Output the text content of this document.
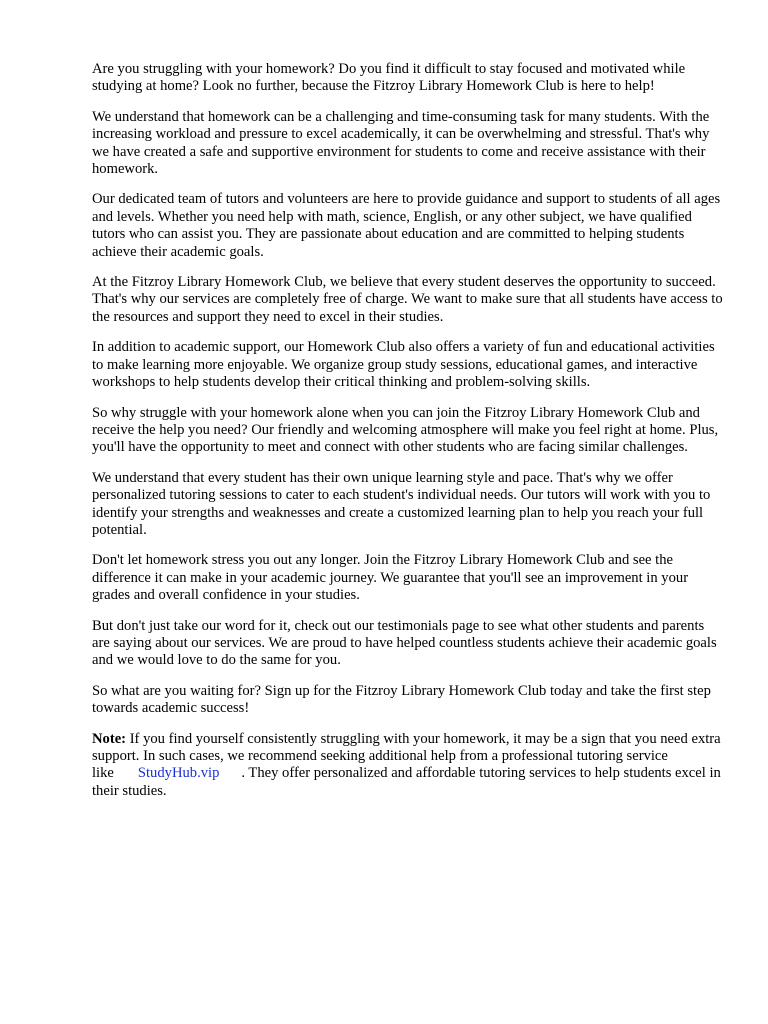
Are you struggling with your homework? Do you find it difficult to stay focused and motivated while studying at home? Look no further, because the Fitzroy Library Homework Club is here to help!

We understand that homework can be a challenging and time-consuming task for many students. With the increasing workload and pressure to excel academically, it can be overwhelming and stressful. That's why we have created a safe and supportive environment for students to come and receive assistance with their homework.

Our dedicated team of tutors and volunteers are here to provide guidance and support to students of all ages and levels. Whether you need help with math, science, English, or any other subject, we have qualified tutors who can assist you. They are passionate about education and are committed to helping students achieve their academic goals.

At the Fitzroy Library Homework Club, we believe that every student deserves the opportunity to succeed. That's why our services are completely free of charge. We want to make sure that all students have access to the resources and support they need to excel in their studies.

In addition to academic support, our Homework Club also offers a variety of fun and educational activities to make learning more enjoyable. We organize group study sessions, educational games, and interactive workshops to help students develop their critical thinking and problem-solving skills.

So why struggle with your homework alone when you can join the Fitzroy Library Homework Club and receive the help you need? Our friendly and welcoming atmosphere will make you feel right at home. Plus, you'll have the opportunity to meet and connect with other students who are facing similar challenges.

We understand that every student has their own unique learning style and pace. That's why we offer personalized tutoring sessions to cater to each student's individual needs. Our tutors will work with you to identify your strengths and weaknesses and create a customized learning plan to help you reach your full potential.

Don't let homework stress you out any longer. Join the Fitzroy Library Homework Club and see the difference it can make in your academic journey. We guarantee that you'll see an improvement in your grades and overall confidence in your studies.

But don't just take our word for it, check out our testimonials page to see what other students and parents are saying about our services. We are proud to have helped countless students achieve their academic goals and we would love to do the same for you.

So what are you waiting for? Sign up for the Fitzroy Library Homework Club today and take the first step towards academic success!

Note: If you find yourself consistently struggling with your homework, it may be a sign that you need extra support. In such cases, we recommend seeking additional help from a professional tutoring service like StudyHub.vip . They offer personalized and affordable tutoring services to help students excel in their studies.
